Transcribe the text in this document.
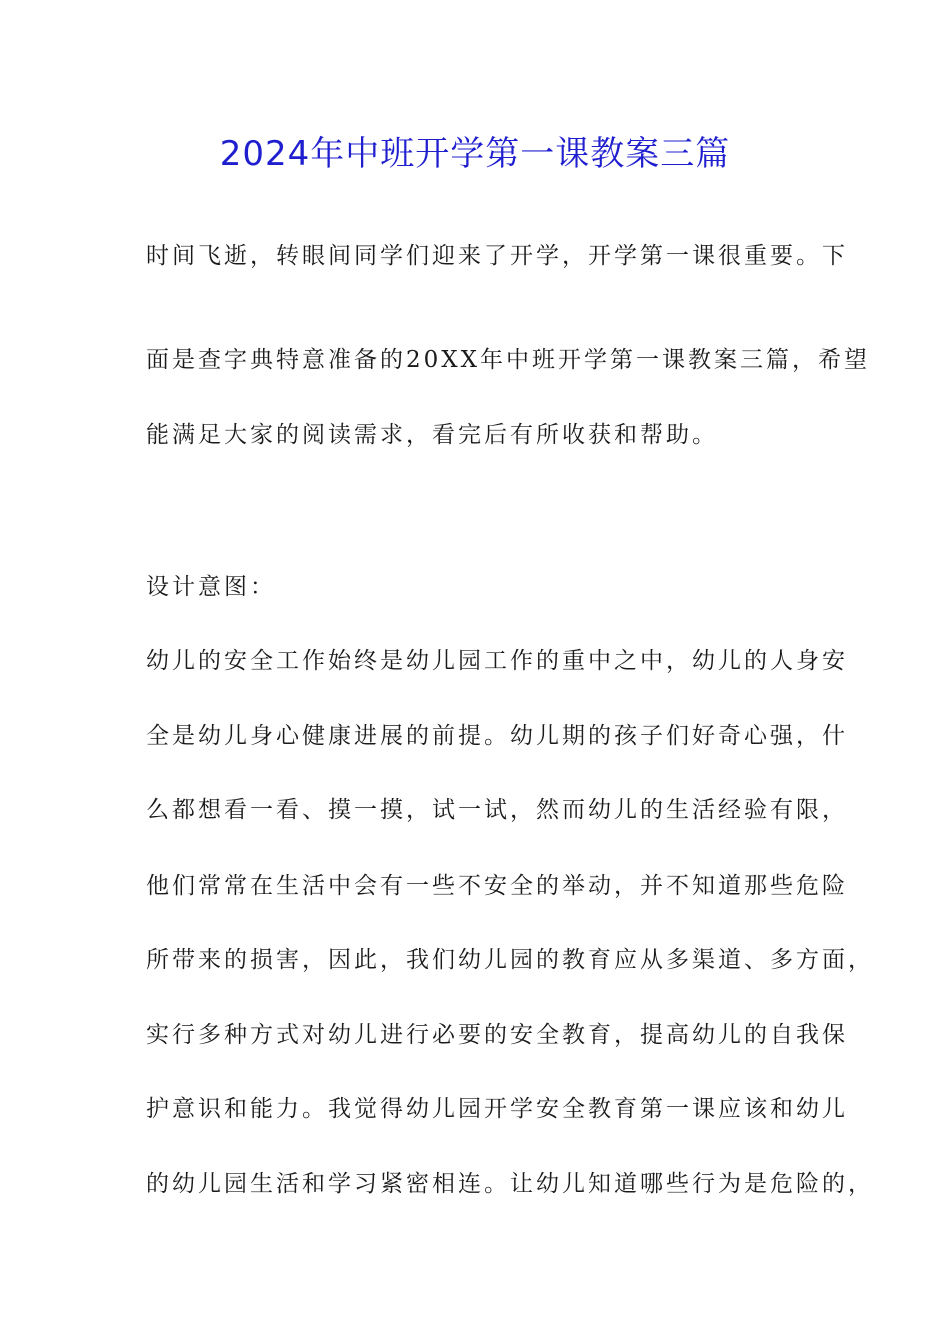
2024年中班开学第一课教案三篇
时间飞逝，转眼间同学们迎来了开学，开学第一课很重要。下
面是查字典特意准备的20XX年中班开学第一课教案三篇，希望
能满足大家的阅读需求，看完后有所收获和帮助。
设计意图：
幼儿的安全工作始终是幼儿园工作的重中之中，幼儿的人身安
全是幼儿身心健康进展的前提。幼儿期的孩子们好奇心强，什
么都想看一看、摸一摸，试一试，然而幼儿的生活经验有限，
他们常常在生活中会有一些不安全的举动，并不知道那些危险
所带来的损害，因此，我们幼儿园的教育应从多渠道、多方面，
实行多种方式对幼儿进行必要的安全教育，提高幼儿的自我保
护意识和能力。我觉得幼儿园开学安全教育第一课应该和幼儿
的幼儿园生活和学习紧密相连。让幼儿知道哪些行为是危险的，
